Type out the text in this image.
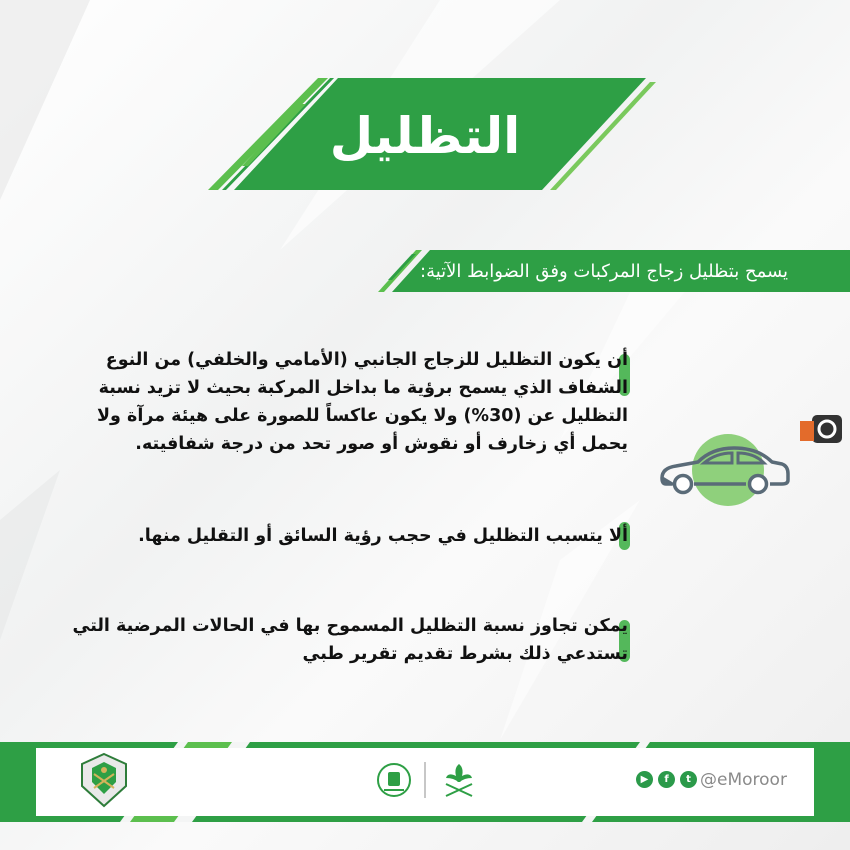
التظليل
يسمح بتظليل زجاج المركبات وفق الضوابط الآتية:
أن يكون التظليل للزجاج الجانبي (الأمامي والخلفي) من النوع
الشفاف الذي يسمح برؤية ما بداخل المركبة بحيث لا تزيد نسبة
التظليل عن (30%) ولا يكون عاكساً للصورة على هيئة مرآة ولا
يحمل أي زخارف أو نقوش أو صور تحد من درجة شفافيته.
ألا يتسبب التظليل في حجب رؤية السائق أو التقليل منها.
يمكن تجاوز نسبة التظليل المسموح بها في الحالات المرضية التي
تستدعي ذلك بشرط تقديم تقرير طبي
▶	f	t @eMoroor
